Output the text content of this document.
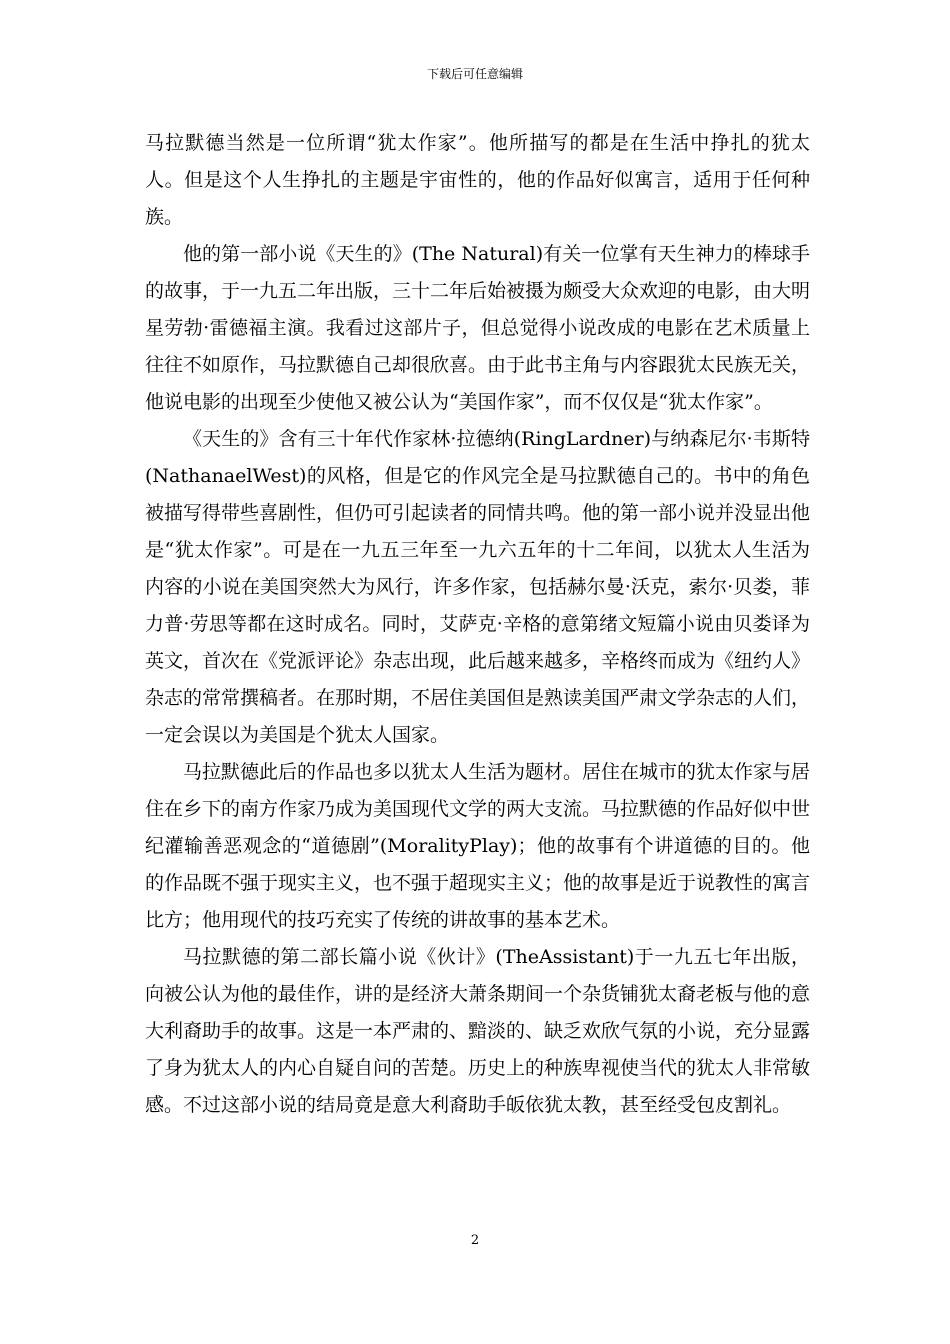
下载后可任意编辑

马拉默德当然是一位所谓“犹太作家”。他所描写的都是在生活中挣扎的犹太人。但是这个人生挣扎的主题是宇宙性的，他的作品好似寓言，适用于任何种族。

他的第一部小说《天生的》(The Natural)有关一位掌有天生神力的棒球手的故事，于一九五二年出版，三十二年后始被摄为颇受大众欢迎的电影，由大明星劳勃·雷德福主演。我看过这部片子，但总觉得小说改成的电影在艺术质量上往往不如原作，马拉默德自己却很欣喜。由于此书主角与内容跟犹太民族无关，他说电影的出现至少使他又被公认为“美国作家”，而不仅仅是“犹太作家”。

《天生的》含有三十年代作家林·拉德纳(RingLardner)与纳森尼尔·韦斯特(NathanaelWest)的风格，但是它的作风完全是马拉默德自己的。书中的角色被描写得带些喜剧性，但仍可引起读者的同情共鸣。他的第一部小说并没显出他是“犹太作家”。可是在一九五三年至一九六五年的十二年间，以犹太人生活为内容的小说在美国突然大为风行，许多作家，包括赫尔曼·沃克，索尔·贝娄，菲力普·劳思等都在这时成名。同时，艾萨克·辛格的意第绪文短篇小说由贝娄译为英文，首次在《党派评论》杂志出现，此后越来越多，辛格终而成为《纽约人》杂志的常常撰稿者。在那时期，不居住美国但是熟读美国严肃文学杂志的人们，一定会误以为美国是个犹太人国家。

马拉默德此后的作品也多以犹太人生活为题材。居住在城市的犹太作家与居住在乡下的南方作家乃成为美国现代文学的两大支流。马拉默德的作品好似中世纪灌输善恶观念的“道德剧”(MoralityPlay)；他的故事有个讲道德的目的。他的作品既不强于现实主义，也不强于超现实主义；他的故事是近于说教性的寓言比方；他用现代的技巧充实了传统的讲故事的基本艺术。

马拉默德的第二部长篇小说《伙计》(TheAssistant)于一九五七年出版，向被公认为他的最佳作，讲的是经济大萧条期间一个杂货铺犹太裔老板与他的意大利裔助手的故事。这是一本严肃的、黯淡的、缺乏欢欣气氛的小说，充分显露了身为犹太人的内心自疑自问的苦楚。历史上的种族卑视使当代的犹太人非常敏感。不过这部小说的结局竟是意大利裔助手皈依犹太教，甚至经受包皮割礼。

2
